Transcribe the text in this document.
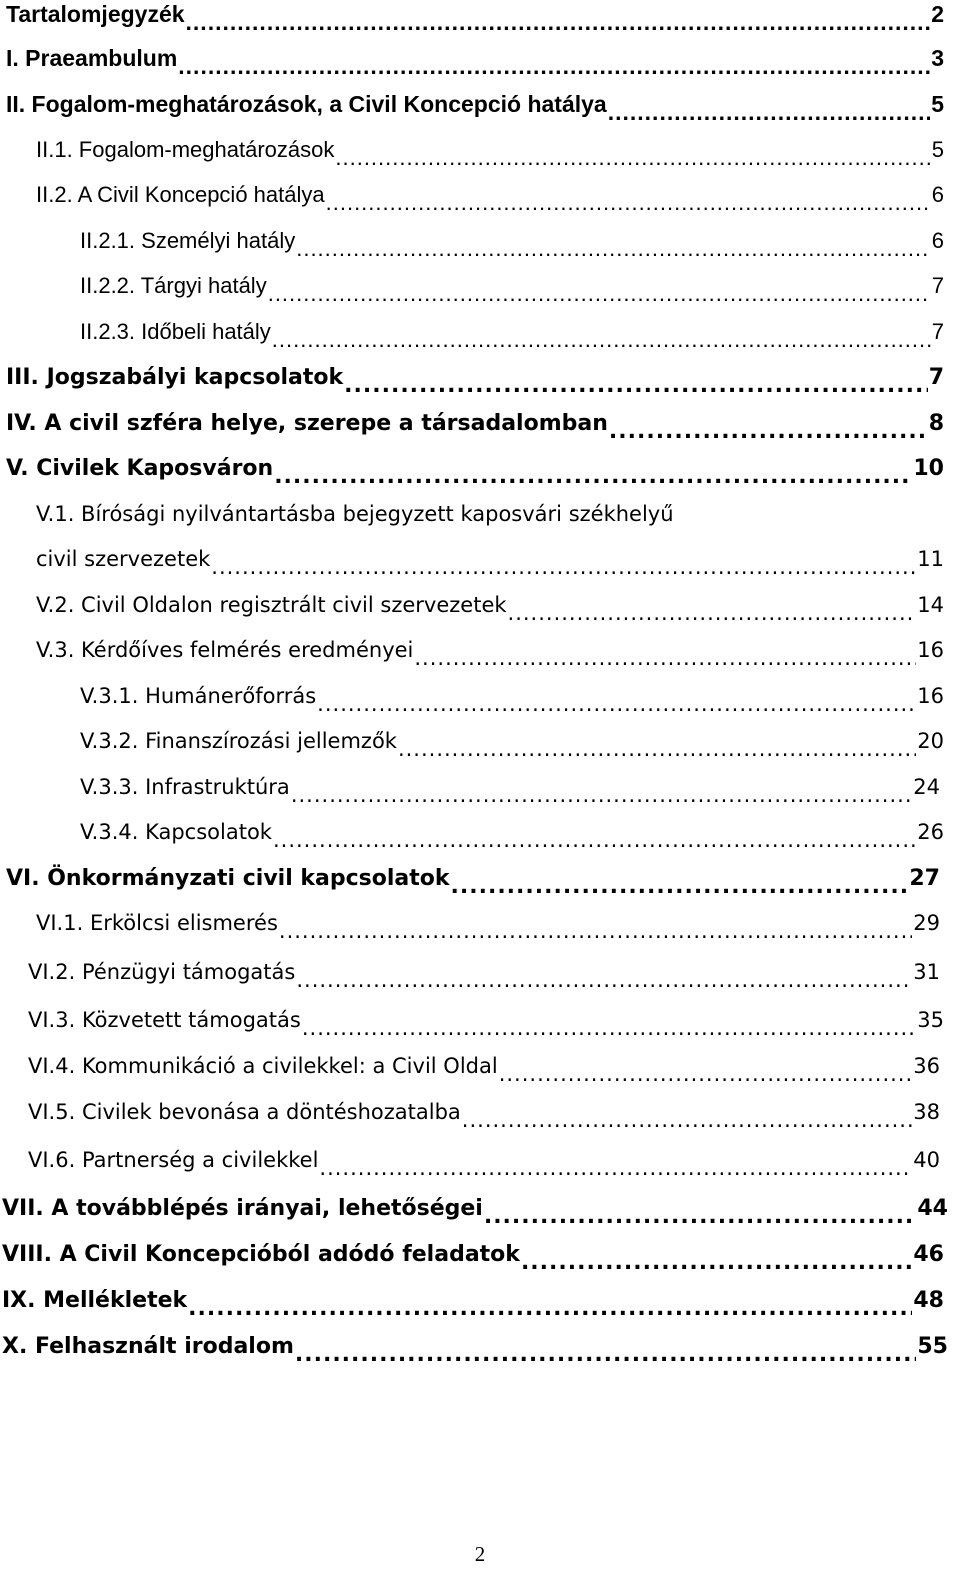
Tartalomjegyzék .....	2
I. Praeambulum .....	3
II. Fogalom-meghatározások, a Civil Koncepció hatálya .....	5
II.1. Fogalom-meghatározások .....	5
II.2. A Civil Koncepció hatálya .....	6
II.2.1. Személyi hatály .....	6
II.2.2. Tárgyi hatály .....	7
II.2.3. Időbeli hatály .....	7
III. Jogszabályi kapcsolatok .....	7
IV. A civil szféra helye, szerepe a társadalomban .....	8
V. Civilek Kaposváron .....	10
V.1. Bírósági nyilvántartásba bejegyzett kaposvári székhelyű
civil szervezetek .....	11
V.2. Civil Oldalon regisztrált civil szervezetek .....	14
V.3. Kérdőíves felmérés eredményei .....	16
V.3.1. Humánerőforrás .....	16
V.3.2. Finanszírozási jellemzők .....	20
V.3.3. Infrastruktúra .....	24
V.3.4. Kapcsolatok .....	26
VI. Önkormányzati civil kapcsolatok .....	27
VI.1. Erkölcsi elismerés .....	29
VI.2. Pénzügyi támogatás .....	31
VI.3. Közvetett támogatás .....	35
VI.4. Kommunikáció a civilekkel: a Civil Oldal .....	36
VI.5. Civilek bevonása a döntéshozatalba .....	38
VI.6. Partnerség a civilekkel .....	40
VII. A továbblépés irányai, lehetőségei .....	44
VIII. A Civil Koncepcióból adódó feladatok .....	46
IX. Mellékletek .....	48
X. Felhasznált irodalom .....	55
2
